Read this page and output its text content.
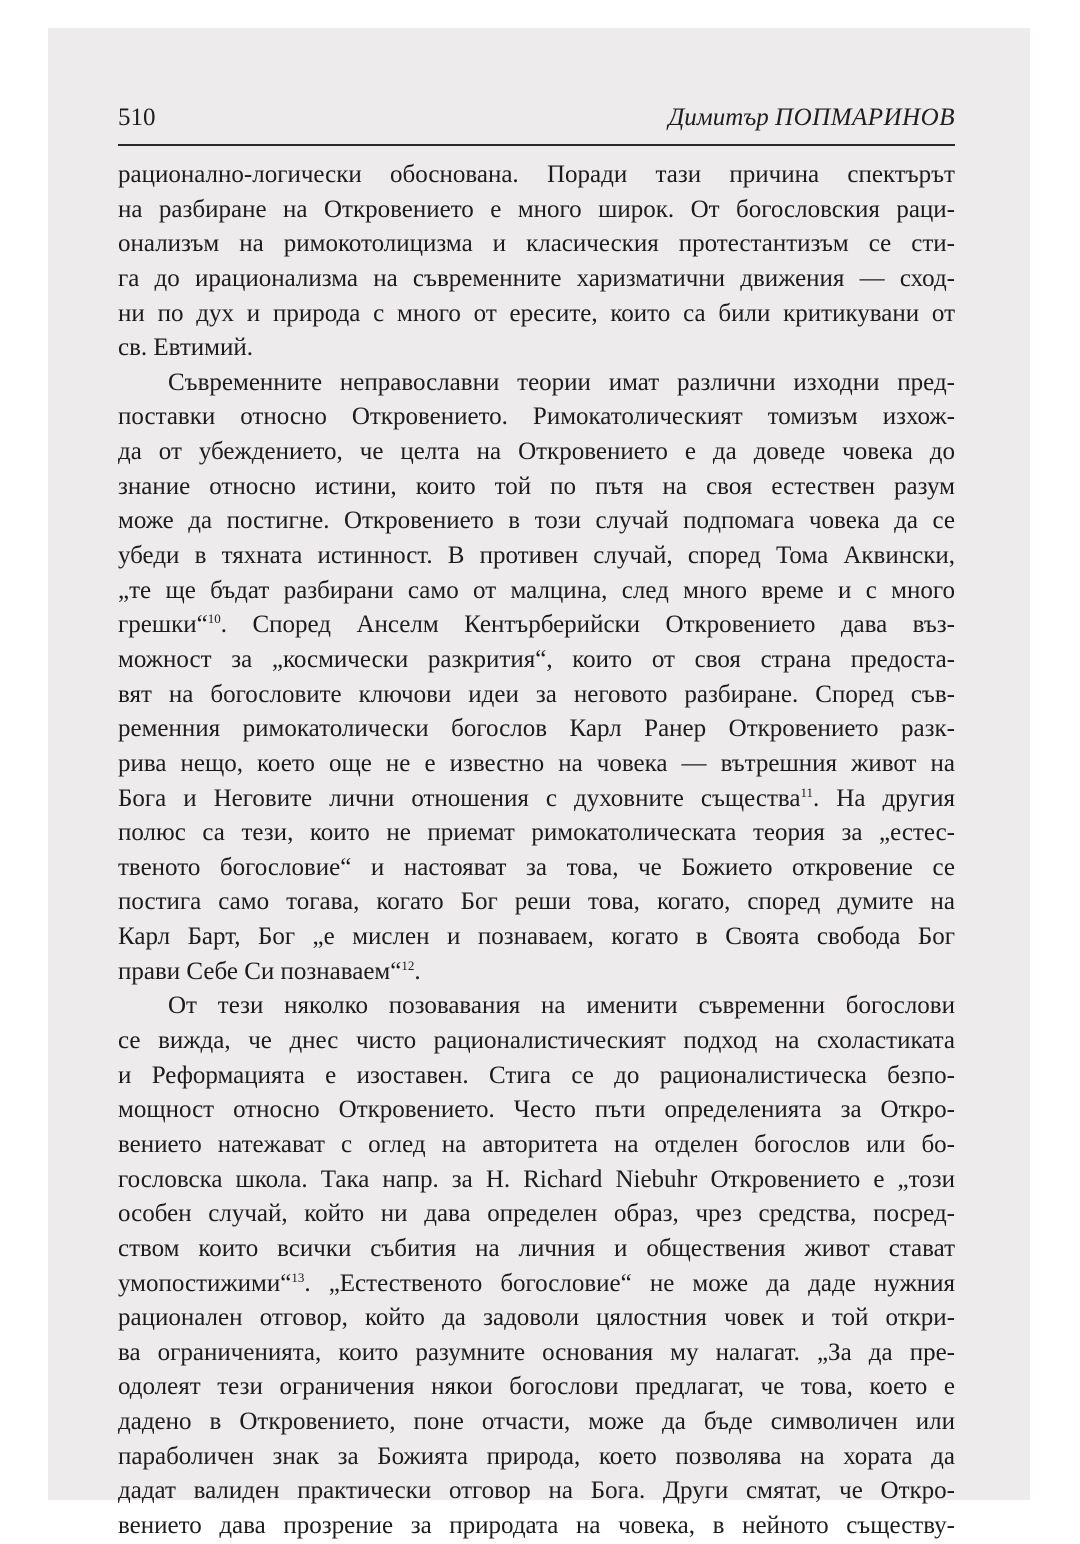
510	Димитър ПОПМАРИНОВ
рационално-логически обоснована. Поради тази причина спектърът
на разбиране на Откровението е много широк. От богословския раци-
онализъм на римокотолицизма и класическия протестантизъм се сти-
га до ирационализма на съвременните харизматични движения — сход-
ни по дух и природа с много от ересите, които са били критикувани от
св. Евтимий.
Съвременните неправославни теории имат различни изходни пред-
поставки относно Откровението. Римокатолическият томизъм изхож-
да от убеждението, че целта на Откровението е да доведе човека до
знание относно истини, които той по пътя на своя естествен разум
може да постигне. Откровението в този случай подпомага човека да се
убеди в тяхната истинност. В противен случай, според Тома Аквински,
„те ще бъдат разбирани само от малцина, след много време и с много
грешки“$^{10}$. Според Анселм Кентърберийски Откровението дава въз-
можност за „космически разкрития“, които от своя страна предоста-
вят на богословите ключови идеи за неговото разбиране. Според съв-
ременния римокатолически богослов Карл Ранер Откровението разк-
рива нещо, което още не е известно на човека — вътрешния живот на
Бога и Неговите лични отношения с духовните същества$^{11}$. На другия
полюс са тези, които не приемат римокатолическата теория за „естес-
твеното богословие“ и настояват за това, че Божието откровение се
постига само тогава, когато Бог реши това, когато, според думите на
Карл Барт, Бог „е мислен и познаваем, когато в Своята свобода Бог
прави Себе Си познаваем“$^{12}$.
От тези няколко позовавания на именити съвременни богослови
се вижда, че днес чисто рационалистическият подход на схоластиката
и Реформацията е изоставен. Стига се до рационалистическа безпо-
мощност относно Откровението. Често пъти определенията за Откро-
вението натежават с оглед на авторитета на отделен богослов или бо-
гословска школа. Така напр. за H. Richard Niebuhr Откровението е „този
особен случай, който ни дава определен образ, чрез средства, посред-
ством които всички събития на личния и обществения живот стават
умопостижими“$^{13}$. „Естественото богословие“ не може да даде нужния
рационален отговор, който да задоволи цялостния човек и той откри-
ва ограниченията, които разумните основания му налагат. „За да пре-
одолеят тези ограничения някои богослови предлагат, че това, което е
дадено в Откровението, поне отчасти, може да бъде символичен или
параболичен знак за Божията природа, което позволява на хората да
дадат валиден практически отговор на Бога. Други смятат, че Откро-
вението дава прозрение за природата на човека, в нейното съществу-
